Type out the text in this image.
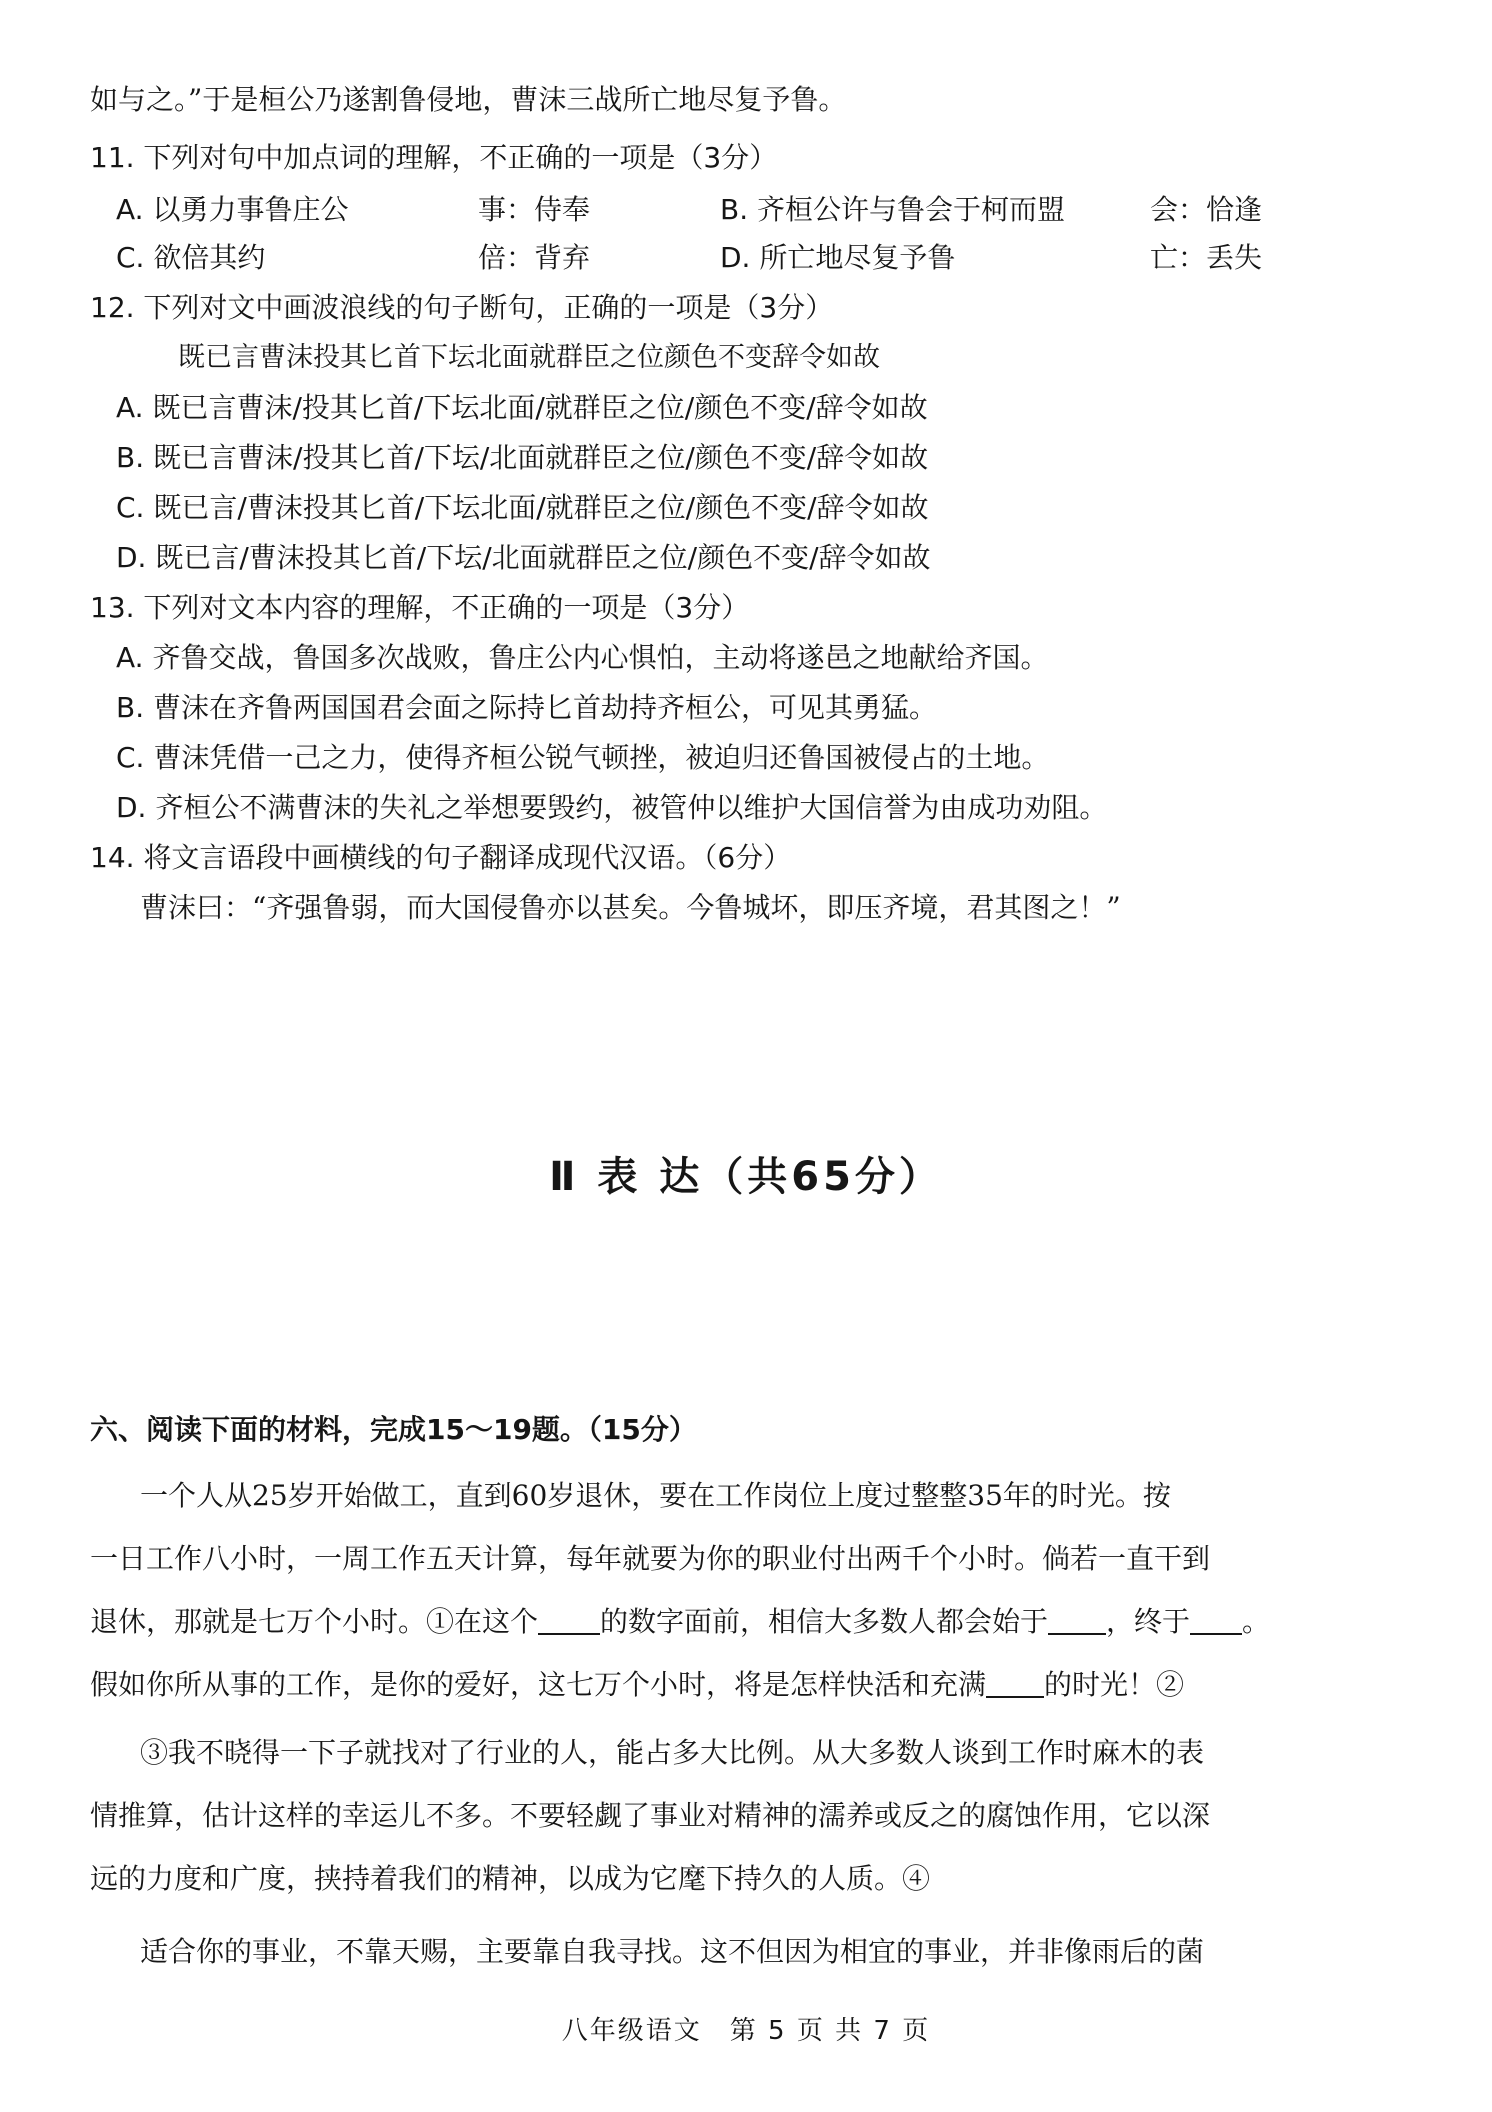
如与之。”于是桓公乃遂割鲁侵地，曹沫三战所亡地尽复予鲁。
11. 下列对句中加点词的理解，不正确的一项是（3分）
A. 以勇力事鲁庄公	事：侍奉	B. 齐桓公许与鲁会于柯而盟	会：恰逢
C. 欲倍其约	倍：背弃	D. 所亡地尽复予鲁	亡：丢失
12. 下列对文中画波浪线的句子断句，正确的一项是（3分）
既已言曹沫投其匕首下坛北面就群臣之位颜色不变辞令如故
A. 既已言曹沫/投其匕首/下坛北面/就群臣之位/颜色不变/辞令如故
B. 既已言曹沫/投其匕首/下坛/北面就群臣之位/颜色不变/辞令如故
C. 既已言/曹沫投其匕首/下坛北面/就群臣之位/颜色不变/辞令如故
D. 既已言/曹沫投其匕首/下坛/北面就群臣之位/颜色不变/辞令如故
13. 下列对文本内容的理解，不正确的一项是（3分）
A. 齐鲁交战，鲁国多次战败，鲁庄公内心惧怕，主动将遂邑之地献给齐国。
B. 曹沫在齐鲁两国国君会面之际持匕首劫持齐桓公，可见其勇猛。
C. 曹沫凭借一己之力，使得齐桓公锐气顿挫，被迫归还鲁国被侵占的土地。
D. 齐桓公不满曹沫的失礼之举想要毁约，被管仲以维护大国信誉为由成功劝阻。
14. 将文言语段中画横线的句子翻译成现代汉语。（6分）
曹沫曰：“齐强鲁弱，而大国侵鲁亦以甚矣。今鲁城坏，即压齐境，君其图之！”
Ⅱ 表 达（共65分）
六、阅读下面的材料，完成15～19题。（15分）
一个人从25岁开始做工，直到60岁退休，要在工作岗位上度过整整35年的时光。按
一日工作八小时，一周工作五天计算，每年就要为你的职业付出两千个小时。倘若一直干到
退休，那就是七万个小时。①在这个 的数字面前，相信大多数人都会始于 ，终于 。
假如你所从事的工作，是你的爱好，这七万个小时，将是怎样快活和充满 的时光！②
③我不晓得一下子就找对了行业的人，能占多大比例。从大多数人谈到工作时麻木的表
情推算，估计这样的幸运儿不多。不要轻觑了事业对精神的濡养或反之的腐蚀作用，它以深
远的力度和广度，挟持着我们的精神，以成为它麾下持久的人质。④
适合你的事业，不靠天赐，主要靠自我寻找。这不但因为相宜的事业，并非像雨后的菌
八年级语文　第 5 页 共 7 页
